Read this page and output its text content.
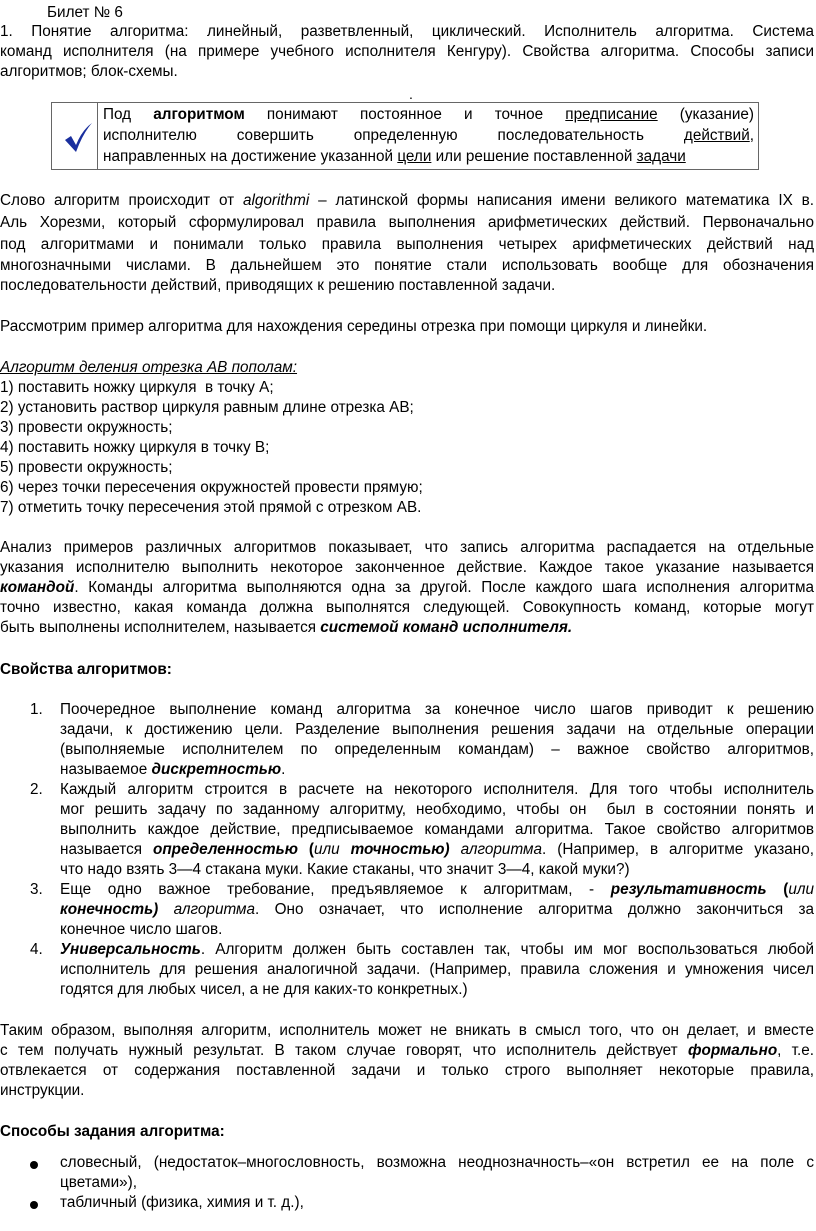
Билет № 6
1. Понятие алгоритма: линейный, разветвленный, циклический. Исполнитель алгоритма. Система
команд исполнителя (на примере учебного исполнителя Кенгуру). Свойства алгоритма. Способы записи
алгоритмов; блок-схемы.
.
Под алгоритмом понимают постоянное и точное предписание (указание)
исполнителю совершить определенную последовательность действий,
направленных на достижение указанной цели или решение поставленной задачи
Слово алгоритм происходит от algorithmi – латинской формы написания имени великого математика IX в.
Аль Хорезми, который сформулировал правила выполнения арифметических действий. Первоначально
под алгоритмами и понимали только правила выполнения четырех арифметических действий над
многозначными числами. В дальнейшем это понятие стали использовать вообще для обозначения
последовательности действий, приводящих к решению поставленной задачи.
Рассмотрим пример алгоритма для нахождения середины отрезка при помощи циркуля и линейки.
Алгоритм деления отрезка АВ пополам:
1) поставить ножку циркуля  в точку А;
2) установить раствор циркуля равным длине отрезка АВ;
3) провести окружность;
4) поставить ножку циркуля в точку В;
5) провести окружность;
6) через точки пересечения окружностей провести прямую;
7) отметить точку пересечения этой прямой с отрезком АВ.
Анализ примеров различных алгоритмов показывает, что запись алгоритма распадается на отдельные
указания исполнителю выполнить некоторое законченное действие. Каждое такое указание называется
командой. Команды алгоритма выполняются одна за другой. После каждого шага исполнения алгоритма
точно известно, какая команда должна выполнятся следующей. Совокупность команд, которые могут
быть выполнены исполнителем, называется системой команд исполнителя.
Свойства алгоритмов:
1. Поочередное выполнение команд алгоритма за конечное число шагов приводит к решению
задачи, к достижению цели. Разделение выполнения решения задачи на отдельные операции
(выполняемые исполнителем по определенным командам) – важное свойство алгоритмов,
называемое дискретностью.
2. Каждый алгоритм строится в расчете на некоторого исполнителя. Для того чтобы исполнитель
мог решить задачу по заданному алгоритму, необходимо, чтобы он  был в состоянии понять и
выполнить каждое действие, предписываемое командами алгоритма. Такое свойство алгоритмов
называется определенностью (или точностью) алгоритма. (Например, в алгоритме указано,
что надо взять 3—4 стакана муки. Какие стаканы, что значит 3—4, какой муки?)
3. Еще одно важное требование, предъявляемое к алгоритмам, - результативность (или
конечность) алгоритма. Оно означает, что исполнение алгоритма должно закончиться за
конечное число шагов.
4. Универсальность. Алгоритм должен быть составлен так, чтобы им мог воспользоваться любой
исполнитель для решения аналогичной задачи. (Например, правила сложения и умножения чисел
годятся для любых чисел, а не для каких-то конкретных.)
Таким образом, выполняя алгоритм, исполнитель может не вникать в смысл того, что он делает, и вместе
с тем получать нужный результат. В таком случае говорят, что исполнитель действует формально, т.е.
отвлекается от содержания поставленной задачи и только строго выполняет некоторые правила,
инструкции.
Способы задания алгоритма:
словесный, (недостаток–многословность, возможна неоднозначность–«он встретил ее на поле с
цветами»),
табличный (физика, химия и т. д.),
